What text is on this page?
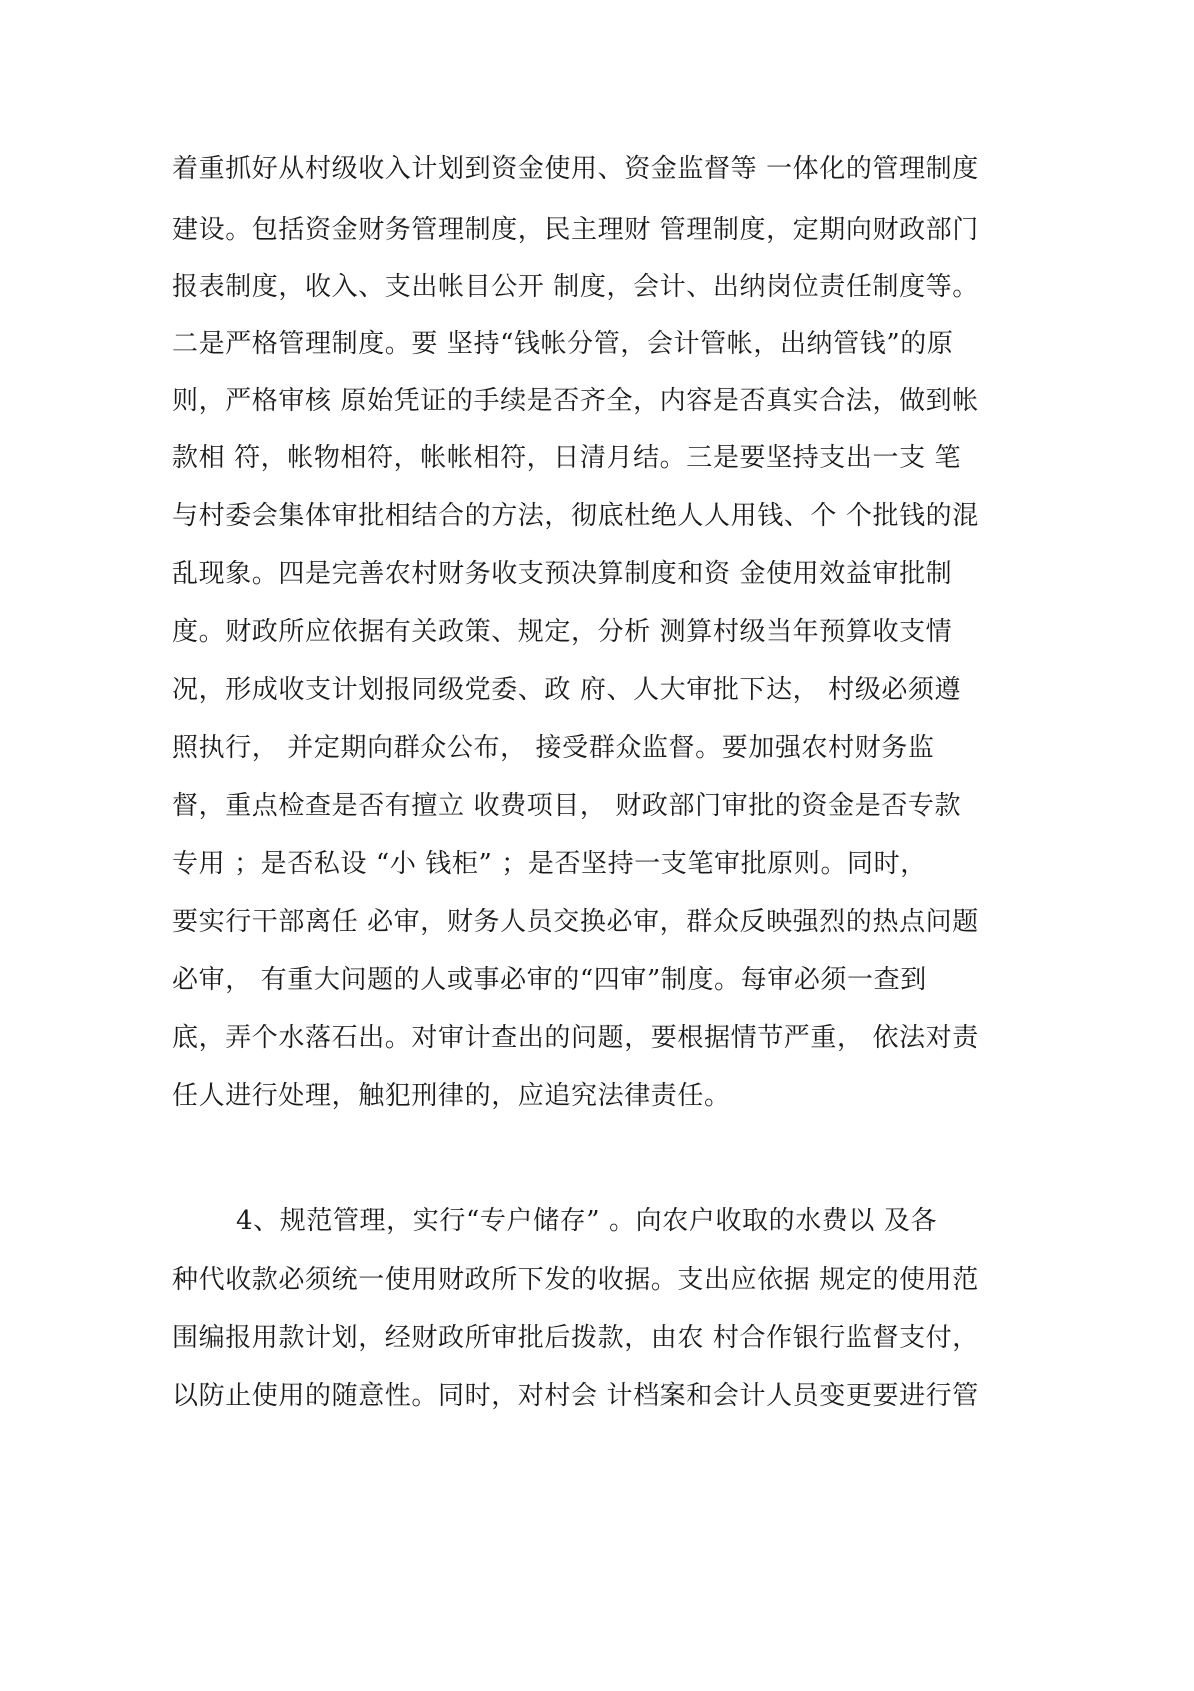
着重抓好从村级收入计划到资金使用、资金监督等 一体化的管理制度

建设。包括资金财务管理制度，民主理财 管理制度，定期向财政部门

报表制度，收入、支出帐目公开 制度，会计、出纳岗位责任制度等。

二是严格管理制度。要 坚持“钱帐分管，会计管帐，出纳管钱”的原

则，严格审核 原始凭证的手续是否齐全，内容是否真实合法，做到帐

款相 符，帐物相符，帐帐相符，日清月结。三是要坚持支出一支 笔

与村委会集体审批相结合的方法，彻底杜绝人人用钱、个 个批钱的混

乱现象。四是完善农村财务收支预决算制度和资 金使用效益审批制

度。财政所应依据有关政策、规定，分析 测算村级当年预算收支情

况，形成收支计划报同级党委、政 府、人大审批下达， 村级必须遵

照执行， 并定期向群众公布， 接受群众监督。要加强农村财务监

督，重点检查是否有擅立 收费项目， 财政部门审批的资金是否专款

专用 ；是否私设 “小 钱柜” ；是否坚持一支笔审批原则。同时，

要实行干部离任 必审，财务人员交换必审，群众反映强烈的热点问题

必审， 有重大问题的人或事必审的“四审”制度。每审必须一查到

底，弄个水落石出。对审计查出的问题，要根据情节严重， 依法对责

任人进行处理，触犯刑律的，应追究法律责任。

4、规范管理，实行“专户储存” 。向农户收取的水费以 及各

种代收款必须统一使用财政所下发的收据。支出应依据 规定的使用范

围编报用款计划，经财政所审批后拨款，由农 村合作银行监督支付，

以防止使用的随意性。同时，对村会 计档案和会计人员变更要进行管
